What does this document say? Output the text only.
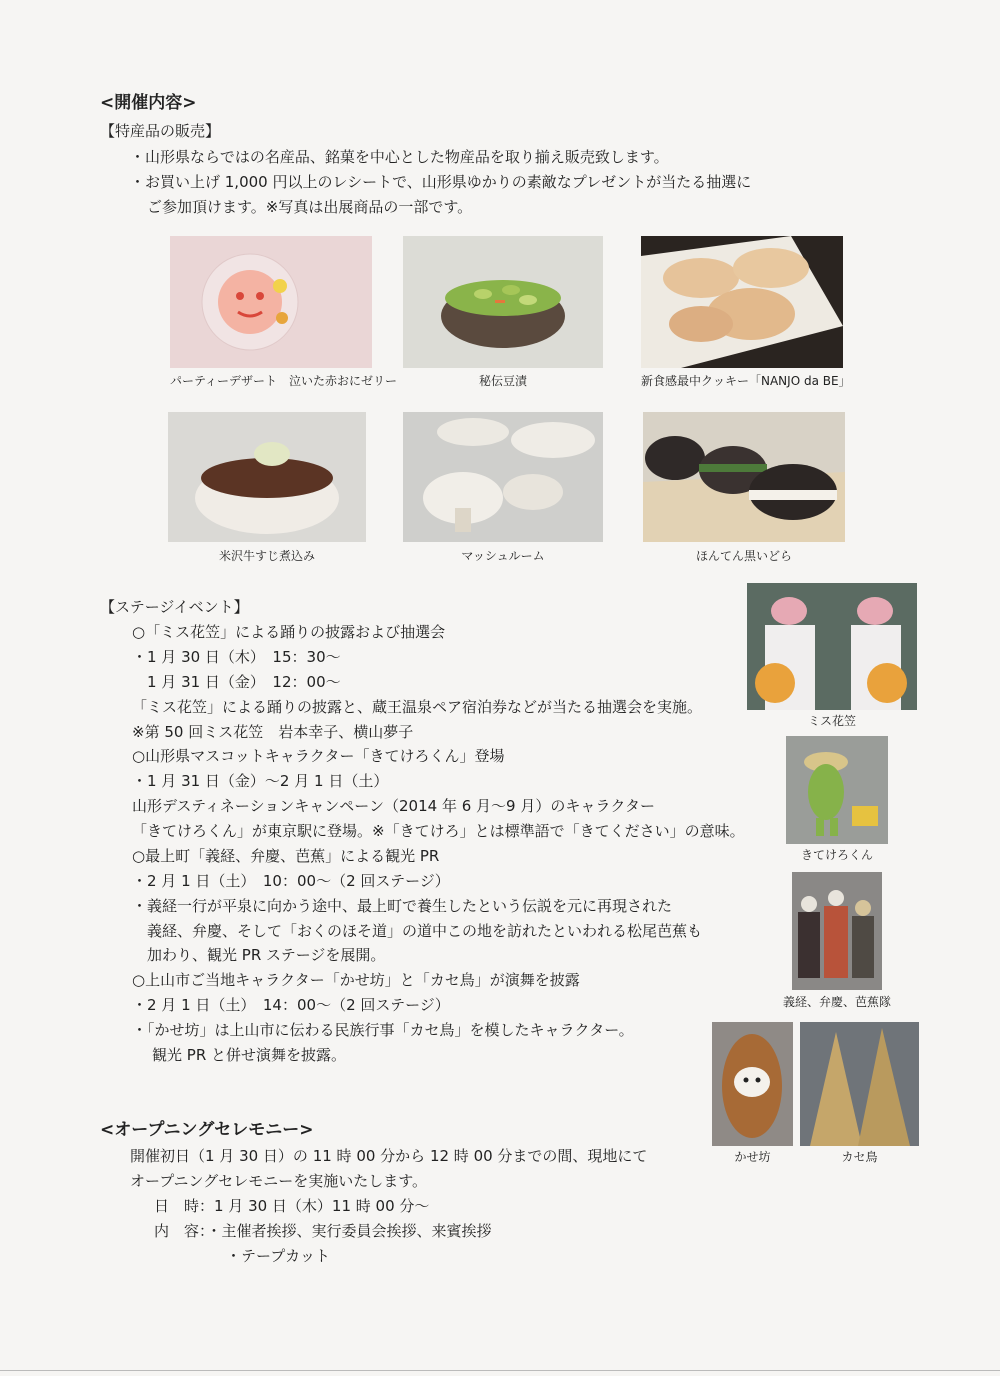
<開催内容>
【特産品の販売】
・山形県ならではの名産品、銘菓を中心とした物産品を取り揃え販売致します。
・お買い上げ 1,000 円以上のレシートで、山形県ゆかりの素敵なプレゼントが当たる抽選に
ご参加頂けます。※写真は出展商品の一部です。
パーティーデザート　泣いた赤おにゼリー	秘伝豆漬	新食感最中クッキー「NANJO da BE」
米沢牛すじ煮込み	マッシュルーム	ほんてん黒いどら
【ステージイベント】
○「ミス花笠」による踊りの披露および抽選会
・1 月 30 日（木）　15：30～
1 月 31 日（金）　12：00～
「ミス花笠」による踊りの披露と、蔵王温泉ペア宿泊券などが当たる抽選会を実施。
※第 50 回ミス花笠　岩本幸子、横山夢子
○山形県マスコットキャラクター「きてけろくん」登場
・1 月 31 日（金）～2 月 1 日（土）
山形デスティネーションキャンペーン（2014 年 6 月～9 月）のキャラクター
「きてけろくん」が東京駅に登場。※「きてけろ」とは標準語で「きてください」の意味。
○最上町「義経、弁慶、芭蕉」による観光 PR
・2 月 1 日（土）　10：00～（2 回ステージ）
・義経一行が平泉に向かう途中、最上町で養生したという伝説を元に再現された
義経、弁慶、そして「おくのほそ道」の道中この地を訪れたといわれる松尾芭蕉も
加わり、観光 PR ステージを展開。
○上山市ご当地キャラクター「かせ坊」と「カセ鳥」が演舞を披露
・2 月 1 日（土）　14：00～（2 回ステージ）
・「かせ坊」は上山市に伝わる民族行事「カセ鳥」を模したキャラクター。
観光 PR と併せ演舞を披露。
ミス花笠
きてけろくん
義経、弁慶、芭蕉隊
かせ坊	カセ鳥
<オープニングセレモニー>
開催初日（1 月 30 日）の 11 時 00 分から 12 時 00 分までの間、現地にて
オープニングセレモニーを実施いたします。
日　時：1 月 30 日（木）11 時 00 分～
内　容：・主催者挨拶、実行委員会挨拶、来賓挨拶
・テープカット
